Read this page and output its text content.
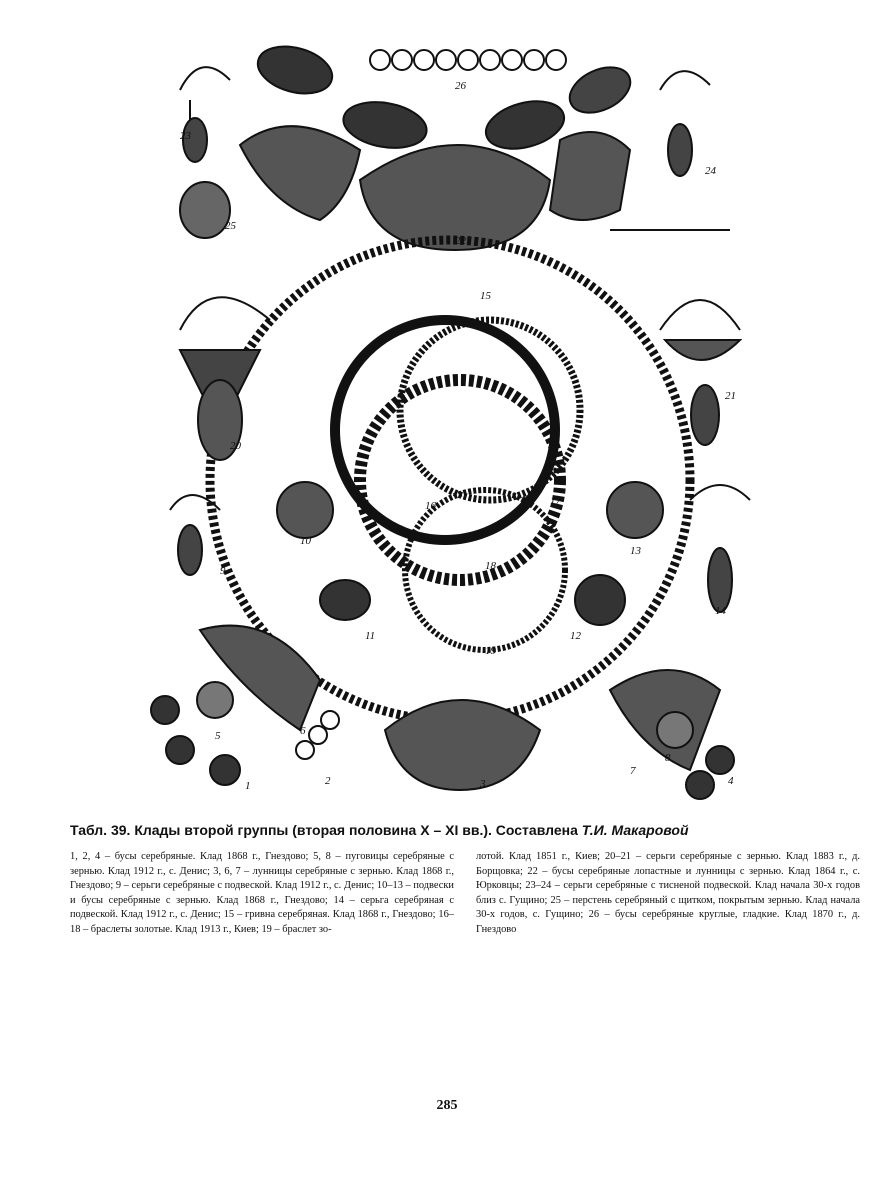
26
22
23
24
25
15
20
21
16	17
18
19
9
10
11	12
13
14
5	6
1	2	3
7
8
4
Табл. 39. Клады второй группы (вторая половина X – XI вв.). Составлена Т.И. Макаровой
1, 2, 4 – бусы серебряные. Клад 1868 г., Гнездово; 5, 8 – пуговицы серебряные с зернью. Клад 1912 г., с. Денис; 3, 6, 7 – лунницы серебряные с зернью. Клад 1868 г., Гнездово; 9 – серьги серебряные с подвеской. Клад 1912 г., с. Денис; 10–13 – подвески и бусы серебряные с зернью. Клад 1868 г., Гнездово; 14 – серьга серебряная с подвеской. Клад 1912 г., с. Денис; 15 – гривна серебряная. Клад 1868 г., Гнездово; 16–18 – браслеты золотые. Клад 1913 г., Киев; 19 – браслет зо-
лотой. Клад 1851 г., Киев; 20–21 – серьги серебряные с зернью. Клад 1883 г., д. Борщовка; 22 – бусы серебряные лопастные и лунницы с зернью. Клад 1864 г., с. Юрковцы; 23–24 – серьги серебряные с тисненой подвеской. Клад начала 30-х годов близ с. Гущино; 25 – перстень серебряный с щитком, покрытым зернью. Клад начала 30-х годов, с. Гущино; 26 – бусы серебряные круглые, гладкие. Клад 1870 г., д. Гнездово
285
